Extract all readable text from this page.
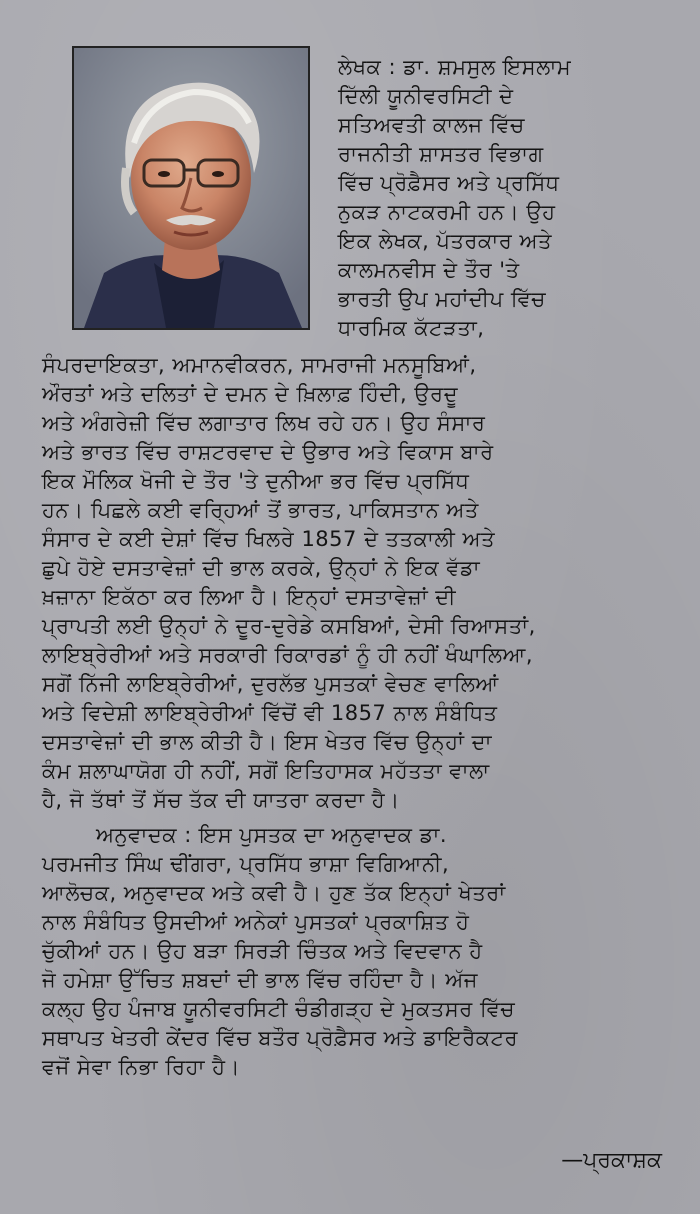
ਲੇਖਕ : ਡਾ. ਸ਼ਮਸੁਲ ਇਸਲਾਮ
ਦਿੱਲੀ ਯੂਨੀਵਰਸਿਟੀ ਦੇ
ਸਤਿਅਵਤੀ ਕਾਲਜ ਵਿੱਚ
ਰਾਜਨੀਤੀ ਸ਼ਾਸਤਰ ਵਿਭਾਗ
ਵਿੱਚ ਪ੍ਰੋਫ਼ੈਸਰ ਅਤੇ ਪ੍ਰਸਿੱਧ
ਨੁਕੜ ਨਾਟਕਰਮੀ ਹਨ। ਉਹ
ਇਕ ਲੇਖਕ, ਪੱਤਰਕਾਰ ਅਤੇ
ਕਾਲਮਨਵੀਸ ਦੇ ਤੌਰ 'ਤੇ
ਭਾਰਤੀ ਉਪ ਮਹਾਂਦੀਪ ਵਿੱਚ
ਧਾਰਮਿਕ ਕੱਟੜਤਾ,
ਸੰਪਰਦਾਇਕਤਾ, ਅਮਾਨਵੀਕਰਨ, ਸਾਮਰਾਜੀ ਮਨਸੂਬਿਆਂ,
ਔਰਤਾਂ ਅਤੇ ਦਲਿਤਾਂ ਦੇ ਦਮਨ ਦੇ ਖ਼ਿਲਾਫ਼ ਹਿੰਦੀ, ਉਰਦੂ
ਅਤੇ ਅੰਗਰੇਜ਼ੀ ਵਿੱਚ ਲਗਾਤਾਰ ਲਿਖ ਰਹੇ ਹਨ। ਉਹ ਸੰਸਾਰ
ਅਤੇ ਭਾਰਤ ਵਿੱਚ ਰਾਸ਼ਟਰਵਾਦ ਦੇ ਉਭਾਰ ਅਤੇ ਵਿਕਾਸ ਬਾਰੇ
ਇਕ ਮੌਲਿਕ ਖੋਜੀ ਦੇ ਤੌਰ 'ਤੇ ਦੁਨੀਆ ਭਰ ਵਿੱਚ ਪ੍ਰਸਿੱਧ
ਹਨ। ਪਿਛਲੇ ਕਈ ਵਰ੍ਹਿਆਂ ਤੋਂ ਭਾਰਤ, ਪਾਕਿਸਤਾਨ ਅਤੇ
ਸੰਸਾਰ ਦੇ ਕਈ ਦੇਸ਼ਾਂ ਵਿੱਚ ਖਿਲਰੇ 1857 ਦੇ ਤਤਕਾਲੀ ਅਤੇ
ਛੁਪੇ ਹੋਏ ਦਸਤਾਵੇਜ਼ਾਂ ਦੀ ਭਾਲ ਕਰਕੇ, ਉਨ੍ਹਾਂ ਨੇ ਇਕ ਵੱਡਾ
ਖ਼ਜ਼ਾਨਾ ਇਕੱਠਾ ਕਰ ਲਿਆ ਹੈ। ਇਨ੍ਹਾਂ ਦਸਤਾਵੇਜ਼ਾਂ ਦੀ
ਪ੍ਰਾਪਤੀ ਲਈ ਉਨ੍ਹਾਂ ਨੇ ਦੂਰ-ਦੁਰੇਡੇ ਕਸਬਿਆਂ, ਦੇਸੀ ਰਿਆਸਤਾਂ,
ਲਾਇਬ੍ਰੇਰੀਆਂ ਅਤੇ ਸਰਕਾਰੀ ਰਿਕਾਰਡਾਂ ਨੂੰ ਹੀ ਨਹੀਂ ਖੰਘਾਲਿਆ,
ਸਗੋਂ ਨਿੱਜੀ ਲਾਇਬ੍ਰੇਰੀਆਂ, ਦੁਰਲੱਭ ਪੁਸਤਕਾਂ ਵੇਚਣ ਵਾਲਿਆਂ
ਅਤੇ ਵਿਦੇਸ਼ੀ ਲਾਇਬ੍ਰੇਰੀਆਂ ਵਿੱਚੋਂ ਵੀ 1857 ਨਾਲ ਸੰਬੰਧਿਤ
ਦਸਤਾਵੇਜ਼ਾਂ ਦੀ ਭਾਲ ਕੀਤੀ ਹੈ। ਇਸ ਖੇਤਰ ਵਿੱਚ ਉਨ੍ਹਾਂ ਦਾ
ਕੰਮ ਸ਼ਲਾਘਾਯੋਗ ਹੀ ਨਹੀਂ, ਸਗੋਂ ਇਤਿਹਾਸਕ ਮਹੱਤਤਾ ਵਾਲਾ
ਹੈ, ਜੋ ਤੱਥਾਂ ਤੋਂ ਸੱਚ ਤੱਕ ਦੀ ਯਾਤਰਾ ਕਰਦਾ ਹੈ।
ਅਨੁਵਾਦਕ : ਇਸ ਪੁਸਤਕ ਦਾ ਅਨੁਵਾਦਕ ਡਾ.
ਪਰਮਜੀਤ ਸਿੰਘ ਢੀਂਗਰਾ, ਪ੍ਰਸਿੱਧ ਭਾਸ਼ਾ ਵਿਗਿਆਨੀ,
ਆਲੋਚਕ, ਅਨੁਵਾਦਕ ਅਤੇ ਕਵੀ ਹੈ। ਹੁਣ ਤੱਕ ਇਨ੍ਹਾਂ ਖੇਤਰਾਂ
ਨਾਲ ਸੰਬੰਧਿਤ ਉਸਦੀਆਂ ਅਨੇਕਾਂ ਪੁਸਤਕਾਂ ਪ੍ਰਕਾਸ਼ਿਤ ਹੋ
ਚੁੱਕੀਆਂ ਹਨ। ਉਹ ਬੜਾ ਸਿਰੜੀ ਚਿੰਤਕ ਅਤੇ ਵਿਦਵਾਨ ਹੈ
ਜੋ ਹਮੇਸ਼ਾ ਉੱਚਿਤ ਸ਼ਬਦਾਂ ਦੀ ਭਾਲ ਵਿੱਚ ਰਹਿੰਦਾ ਹੈ। ਅੱਜ
ਕਲ੍ਹ ਉਹ ਪੰਜਾਬ ਯੂਨੀਵਰਸਿਟੀ ਚੰਡੀਗੜ੍ਹ ਦੇ ਮੁਕਤਸਰ ਵਿੱਚ
ਸਥਾਪਤ ਖੇਤਰੀ ਕੇਂਦਰ ਵਿੱਚ ਬਤੌਰ ਪ੍ਰੋਫ਼ੈਸਰ ਅਤੇ ਡਾਇਰੈਕਟਰ
ਵਜੋਂ ਸੇਵਾ ਨਿਭਾ ਰਿਹਾ ਹੈ।
—ਪ੍ਰਕਾਸ਼ਕ
